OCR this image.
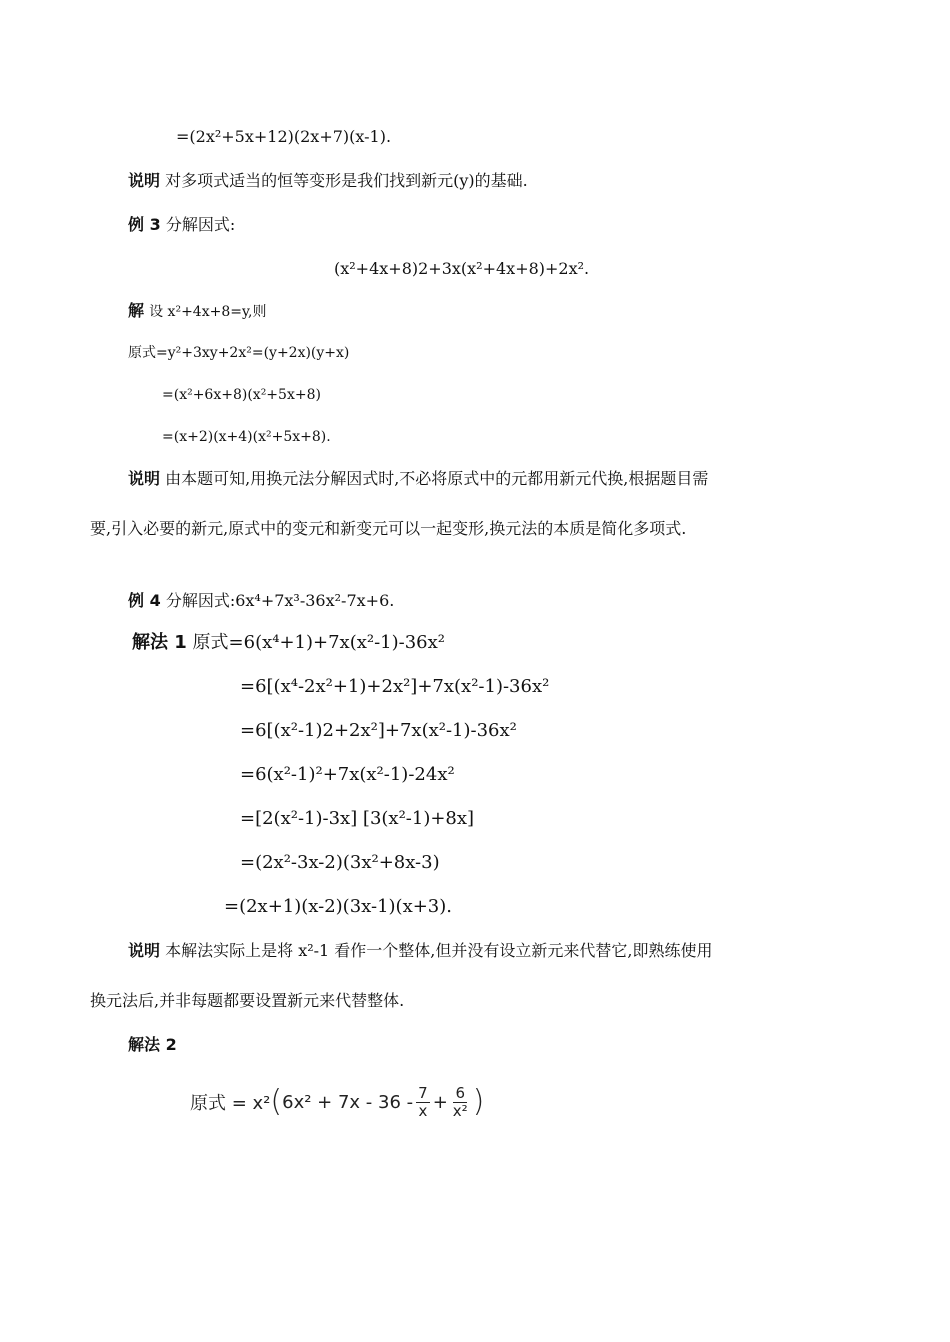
=(2x²+5x+12)(2x+7)(x-1).
说明 对多项式适当的恒等变形是我们找到新元(y)的基础.
例 3 分解因式:
(x²+4x+8)2+3x(x²+4x+8)+2x².
解 设 x²+4x+8=y,则
原式=y²+3xy+2x²=(y+2x)(y+x)
=(x²+6x+8)(x²+5x+8)
=(x+2)(x+4)(x²+5x+8).
说明 由本题可知,用换元法分解因式时,不必将原式中的元都用新元代换,根据题目需
要,引入必要的新元,原式中的变元和新变元可以一起变形,换元法的本质是简化多项式.
例 4 分解因式:6x⁴+7x³-36x²-7x+6.
解法 1 原式=6(x⁴+1)+7x(x²-1)-36x²
=6[(x⁴-2x²+1)+2x²]+7x(x²-1)-36x²
=6[(x²-1)2+2x²]+7x(x²-1)-36x²
=6(x²-1)²+7x(x²-1)-24x²
=[2(x²-1)-3x] [3(x²-1)+8x]
=(2x²-3x-2)(3x²+8x-3)
=(2x+1)(x-2)(3x-1)(x+3).
说明 本解法实际上是将 x²-1 看作一个整体,但并没有设立新元来代替它,即熟练使用
换元法后,并非每题都要设置新元来代替整体.
解法 2
原式 = x² ( $6x^2 + 7x - 36 - \frac{7}{x} + \frac{6}{\text{x²}}$ )
